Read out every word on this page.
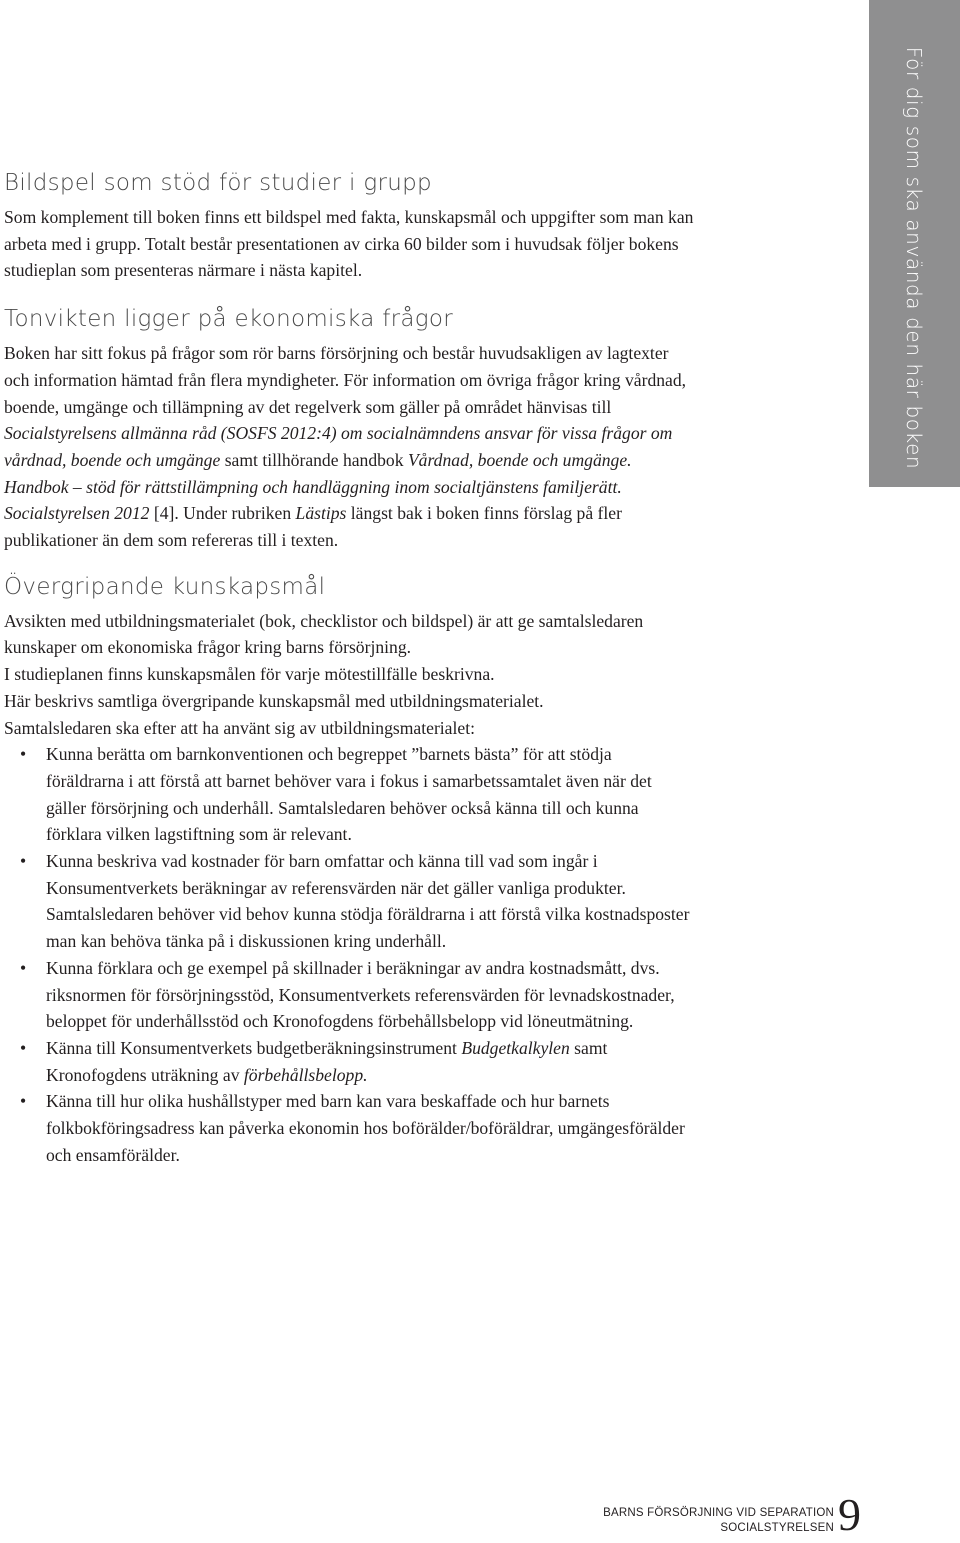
För dig som ska använda den här boken
Bildspel som stöd för studier i grupp

Som komplement till boken finns ett bildspel med fakta, kunskapsmål och uppgifter som man kan arbeta med i grupp. Totalt består presentationen av cirka 60 bilder som i huvudsak följer bokens studieplan som presenteras närmare i nästa kapitel.

Tonvikten ligger på ekonomiska frågor

Boken har sitt fokus på frågor som rör barns försörjning och består huvudsakligen av lagtexter och information hämtad från flera myndigheter. För information om övriga frågor kring vårdnad, boende, umgänge och tillämpning av det regelverk som gäller på området hänvisas till Socialstyrelsens allmänna råd (SOSFS 2012:4) om socialnämndens ansvar för vissa frågor om vårdnad, boende och umgänge samt tillhörande handbok Vårdnad, boende och umgänge. Handbok – stöd för rättstillämpning och handläggning inom socialtjänstens familjerätt. Socialstyrelsen 2012 [4]. Under rubriken Lästips längst bak i boken finns förslag på fler publikationer än dem som refereras till i texten.

Övergripande kunskapsmål

Avsikten med utbildningsmaterialet (bok, checklistor och bildspel) är att ge samtalsledaren kunskaper om ekonomiska frågor kring barns försörjning.

I studieplanen finns kunskapsmålen för varje mötestillfälle beskrivna.

Här beskrivs samtliga övergripande kunskapsmål med utbildningsmaterialet.

Samtalsledaren ska efter att ha använt sig av utbildningsmaterialet:

• Kunna berätta om barnkonventionen och begreppet ”barnets bästa” för att stödja föräldrarna i att förstå att barnet behöver vara i fokus i samarbetssamtalet även när det gäller försörjning och underhåll. Samtalsledaren behöver också känna till och kunna förklara vilken lagstiftning som är relevant.
• Kunna beskriva vad kostnader för barn omfattar och känna till vad som ingår i Konsumentverkets beräkningar av referensvärden när det gäller vanliga produkter. Samtalsledaren behöver vid behov kunna stödja föräldrarna i att förstå vilka kostnadsposter man kan behöva tänka på i diskussionen kring underhåll.
• Kunna förklara och ge exempel på skillnader i beräkningar av andra kostnadsmått, dvs. riksnormen för försörjningsstöd, Konsumentverkets referensvärden för levnadskostnader, beloppet för underhållsstöd och Kronofogdens förbehållsbelopp vid löneutmätning.
• Känna till Konsumentverkets budgetberäkningsinstrument Budgetkalkylen samt Kronofogdens uträkning av förbehållsbelopp.
• Känna till hur olika hushållstyper med barn kan vara beskaffade och hur barnets folkbokföringsadress kan påverka ekonomin hos boförälder/boföräldrar, umgängesförälder och ensamförälder.
BARNS FÖRSÖRJNING VID SEPARATION
SOCIALSTYRELSEN 9
